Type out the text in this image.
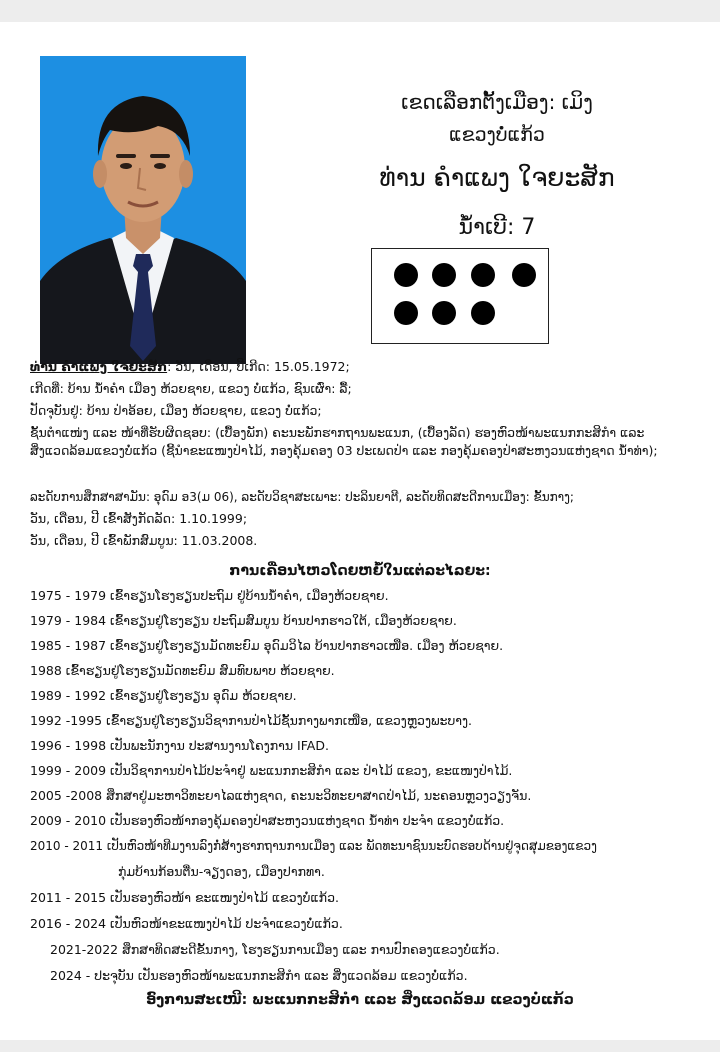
ເຂດເລືອກຕັ້ງເມືອງ: ເມິງ
ແຂວງບໍ່ແກ້ວ
ທ່ານ ຄຳແພງ ໃຈຍະສັກ
ນໍ້າເບີ: 7
ທ່ານ ຄຳແພງ ໃຈຍະສັກ: ວັນ, ເດືອນ, ປີເກີດ: 15.05.1972;
ເກີດທີ່: ບ້ານ ນ້ຳຄຳ ເມືອງ ຫ້ວຍຊາຍ, ແຂວງ ບໍ່ແກ້ວ, ຊົນເຜົ່າ: ລື້;
ປັດຈຸບັນຢູ່: ບ້ານ ປ່າອ້ອຍ, ເມືອງ ຫ້ວຍຊາຍ, ແຂວງ ບໍ່ແກ້ວ;
ຊັ້ນຕຳແໜ່ງ ແລະ ໜ້າທີ່ຮັບຜິດຊອບ: (ເບື້ອງພັກ) ຄະນະພັກຮາກຖານພະແນກ, (ເບື້ອງລັດ) ຮອງຫົວໜ້າພະແນກກະສິກຳ ແລະ ສິ່ງແວດລ້ອມແຂວງບໍ່ແກ້ວ (ຊີ້ນຳຂະແໜງປ່າໄມ້, ກອງຄຸ້ມຄອງ 03 ປະເພດປ່າ ແລະ ກອງຄຸ້ມຄອງປ່າສະຫງວນແຫ່ງຊາດ ນ້ຳທ່າ);
ລະດັບການສຶກສາສາມັນ: ອຸດົມ ອ3(ມ 06), ລະດັບວິຊາສະເພາະ: ປະລິນຍາຕີ, ລະດັບທິດສະດີການເມືອງ: ຂັ້ນກາງ;
ວັນ, ເດືອນ, ປີ ເຂົ້າສັງກັດລັດ: 1.10.1999;
ວັນ, ເດືອນ, ປີ ເຂົ້າພັກສົມບູນ: 11.03.2008.
ການເຄື່ອນໄຫວໂດຍຫຍໍ້ໃນແຕ່ລະໄລຍະ:
1975 - 1979 ເຂົ້າຮຽນໂຮງຮຽນປະຖົມ ຢູ່ບ້ານນ້ຳຄຳ, ເມືອງຫ້ວຍຊາຍ.
1979 - 1984 ເຂົ້າຮຽນຢູ່ໂຮງຮຽນ ປະຖົມສົມບູນ ບ້ານປາກຮາວໃຕ້, ເມືອງຫ້ວຍຊາຍ.
1985 - 1987 ເຂົ້າຮຽນຢູ່ໂຮງຮຽນມັດທະຍົມ ອຸດົມວິໄລ ບ້ານປາກຮາວເໜືອ. ເມືອງ ຫ້ວຍຊາຍ.
1988 ເຂົ້າຮຽນຢູ່ໂຮງຮຽນມັດທະຍົມ ສົມທົບພາບ ຫ້ວຍຊາຍ.
1989 - 1992 ເຂົ້າຮຽນຢູ່ໂຮງຮຽນ ອຸດົມ ຫ້ວຍຊາຍ.
1992 -1995 ເຂົ້າຮຽນຢູ່ໂຮງຮຽນວິຊາການປ່າໄມ້ຊັ້ນກາງພາກເໜືອ, ແຂວງຫຼວງພະບາງ.
1996 - 1998 ເປັນພະນັກງານ ປະສານງານໂຄງການ IFAD.
1999 - 2009 ເປັນວິຊາການປ່າໄມ້ປະຈຳຢູ່ ພະແນກກະສິກຳ ແລະ ປ່າໄມ້ ແຂວງ, ຂະແໜງປ່າໄມ້.
2005 -2008 ສຶກສາຢູ່ມະຫາວິທະຍາໄລແຫ່ງຊາດ, ຄະນະວິທະຍາສາດປ່າໄມ້, ນະຄອນຫຼວງວຽງຈັນ.
2009 - 2010 ເປັນຮອງຫົວໜ້າກອງຄຸ້ມຄອງປ່າສະຫງວນແຫ່ງຊາດ ນ້ຳທ່າ ປະຈຳ ແຂວງບໍ່ແກ້ວ.
2010 - 2011 ເປັນຫົວໜ້າທີມງານລົງກໍ່ສ້າງຮາກຖານການເມືອງ ແລະ ພັດທະນາຊົນນະບົດຮອບດ້ານຢູ່ຈຸດສຸມຂອງແຂວງ
ກຸ່ມບ້ານກ້ອນຕື່ນ-ຈຽງດອງ, ເມືອງປາກທາ.
2011 - 2015 ເປັນຮອງຫົວໜ້າ ຂະແໜງປ່າໄມ້ ແຂວງບໍ່ແກ້ວ.
2016 - 2024 ເປັນຫົວໜ້າຂະແໜງປ່າໄມ້ ປະຈຳແຂວງບໍ່ແກ້ວ.
2021-2022 ສຶກສາທິດສະດີຂັ້ນກາງ, ໂຮງຮຽນການເມືອງ ແລະ ການປົກຄອງແຂວງບໍ່ແກ້ວ.
2024 - ປະຈຸບັນ ເປັນຮອງຫົວໜ້າພະແນກກະສິກຳ ແລະ ສິ່ງແວດລ້ອມ ແຂວງບໍ່ແກ້ວ.
ອົງການສະເໜີ: ພະແນກກະສິກຳ ແລະ ສິ່ງແວດລ້ອມ ແຂວງບໍ່ແກ້ວ
